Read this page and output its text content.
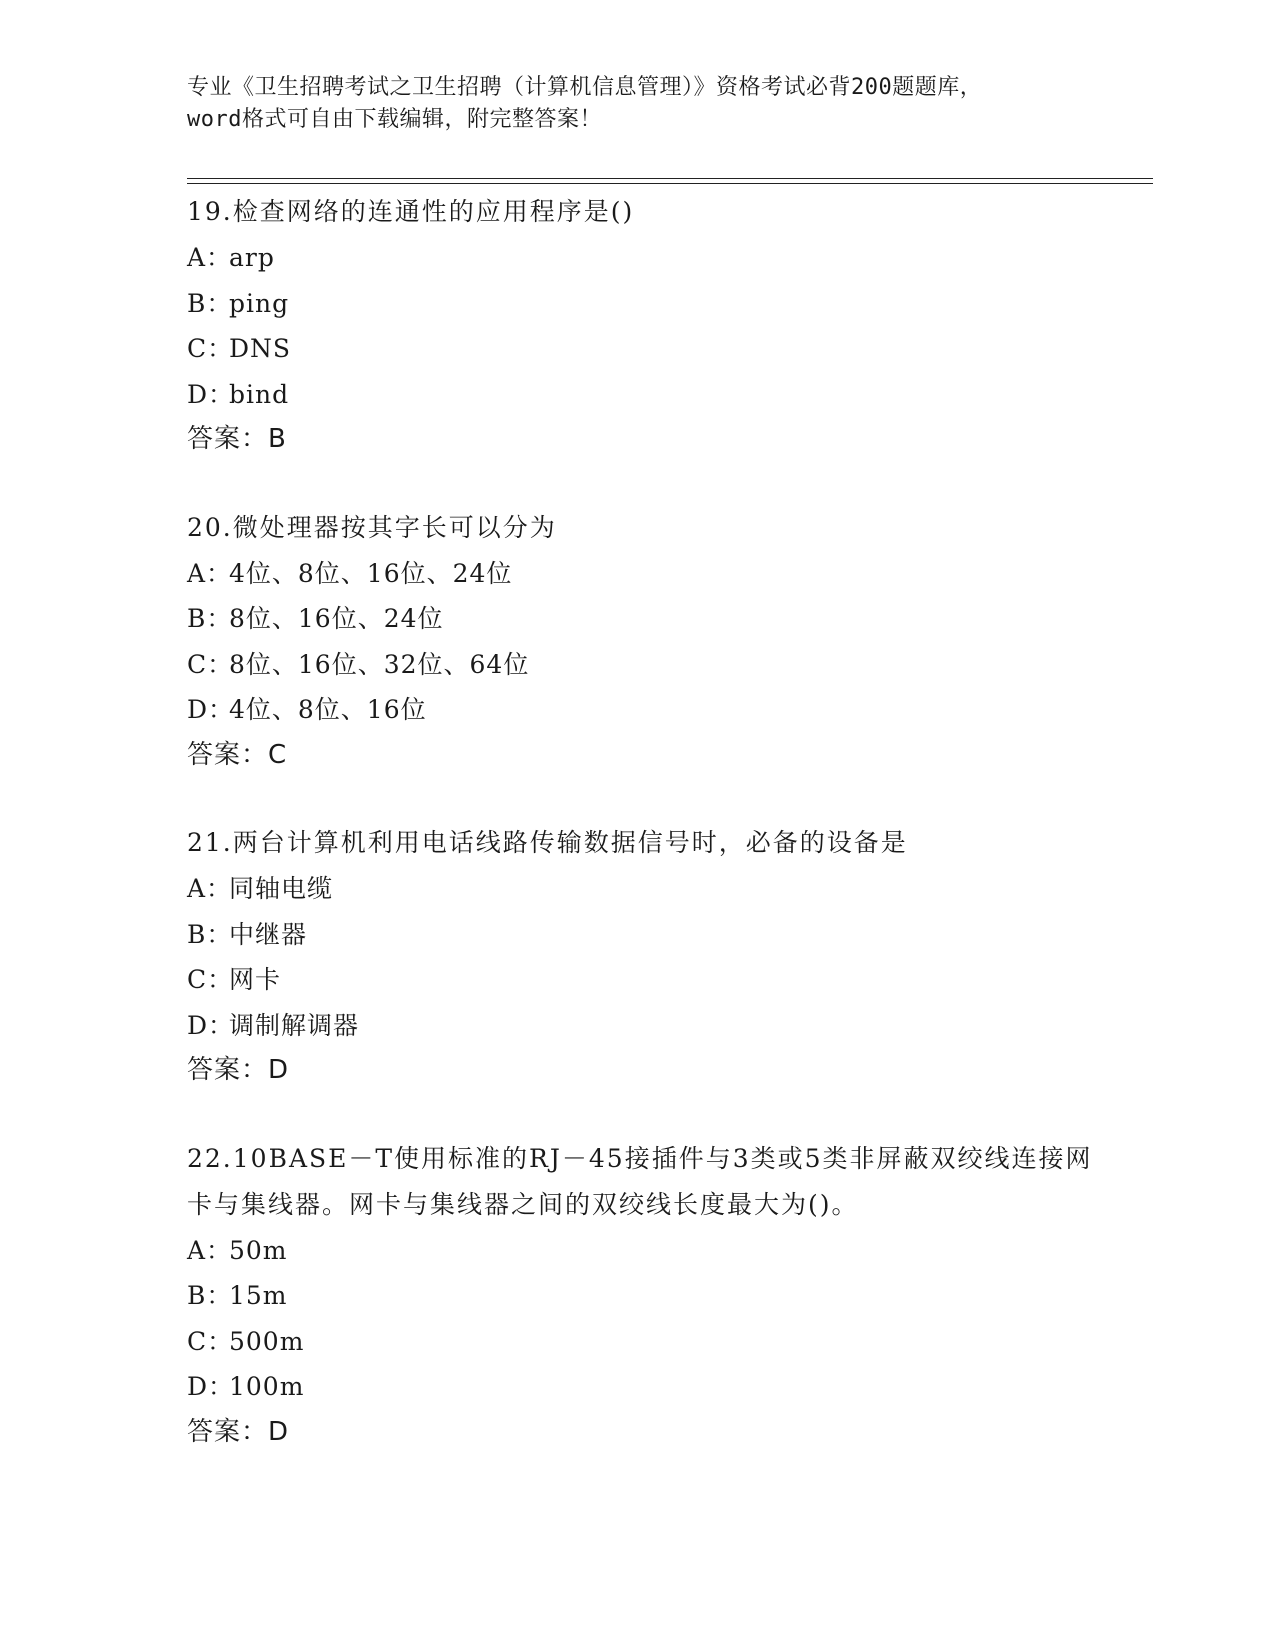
专业《卫生招聘考试之卫生招聘（计算机信息管理）》资格考试必背200题题库，
word格式可自由下载编辑，附完整答案！
19.检查网络的连通性的应用程序是()
A：arp
B：ping
C：DNS
D：bind
答案：B
20.微处理器按其字长可以分为
A：4位、8位、16位、24位
B：8位、16位、24位
C：8位、16位、32位、64位
D：4位、8位、16位
答案：C
21.两台计算机利用电话线路传输数据信号时，必备的设备是
A：同轴电缆
B：中继器
C：网卡
D：调制解调器
答案：D
22.10BASE－T使用标准的RJ－45接插件与3类或5类非屏蔽双绞线连接网卡与集线器。网卡与集线器之间的双绞线长度最大为()。
A：50m
B：15m
C：500m
D：100m
答案：D
